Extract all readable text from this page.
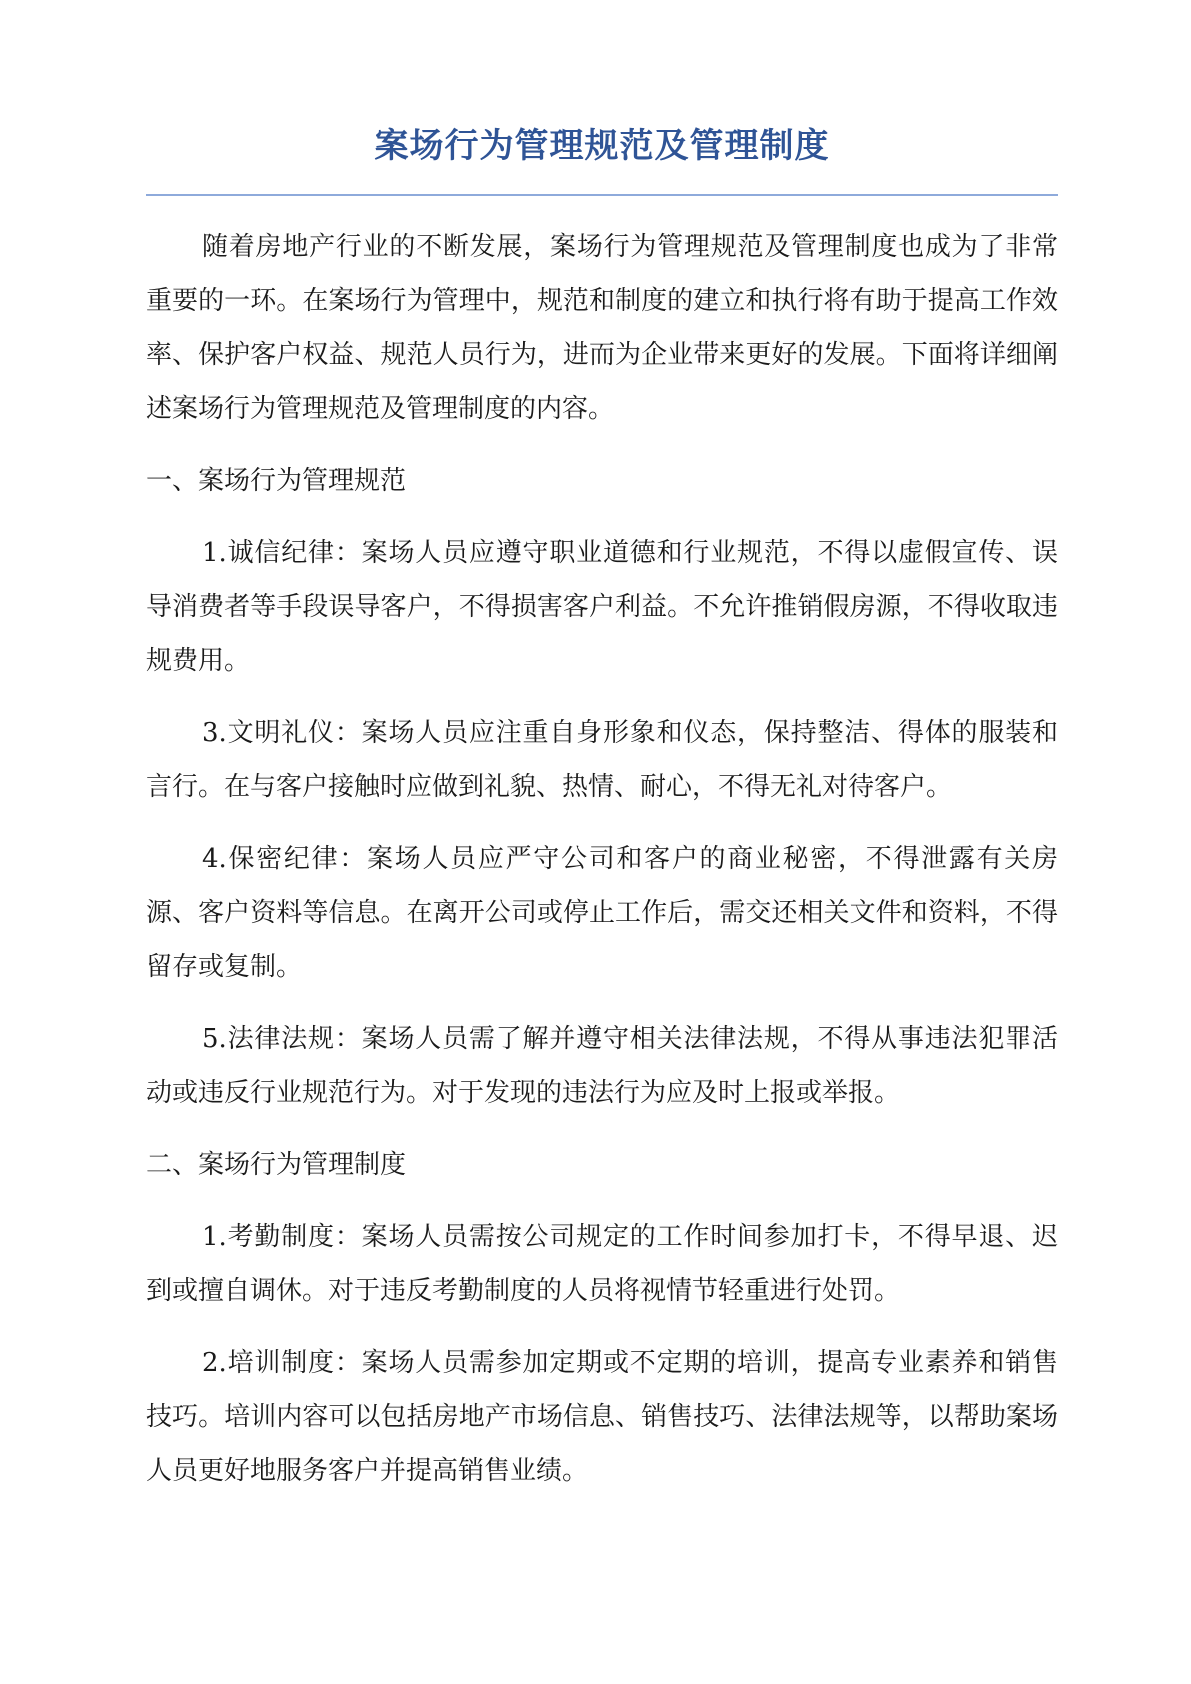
案场行为管理规范及管理制度

随着房地产行业的不断发展，案场行为管理规范及管理制度也成为了非常重要的一环。在案场行为管理中，规范和制度的建立和执行将有助于提高工作效率、保护客户权益、规范人员行为，进而为企业带来更好的发展。下面将详细阐述案场行为管理规范及管理制度的内容。

一、案场行为管理规范

1.诚信纪律：案场人员应遵守职业道德和行业规范，不得以虚假宣传、误导消费者等手段误导客户，不得损害客户利益。不允许推销假房源，不得收取违规费用。

3.文明礼仪：案场人员应注重自身形象和仪态，保持整洁、得体的服装和言行。在与客户接触时应做到礼貌、热情、耐心，不得无礼对待客户。

4.保密纪律：案场人员应严守公司和客户的商业秘密，不得泄露有关房源、客户资料等信息。在离开公司或停止工作后，需交还相关文件和资料，不得留存或复制。

5.法律法规：案场人员需了解并遵守相关法律法规，不得从事违法犯罪活动或违反行业规范行为。对于发现的违法行为应及时上报或举报。

二、案场行为管理制度

1.考勤制度：案场人员需按公司规定的工作时间参加打卡，不得早退、迟到或擅自调休。对于违反考勤制度的人员将视情节轻重进行处罚。

2.培训制度：案场人员需参加定期或不定期的培训，提高专业素养和销售技巧。培训内容可以包括房地产市场信息、销售技巧、法律法规等，以帮助案场人员更好地服务客户并提高销售业绩。
